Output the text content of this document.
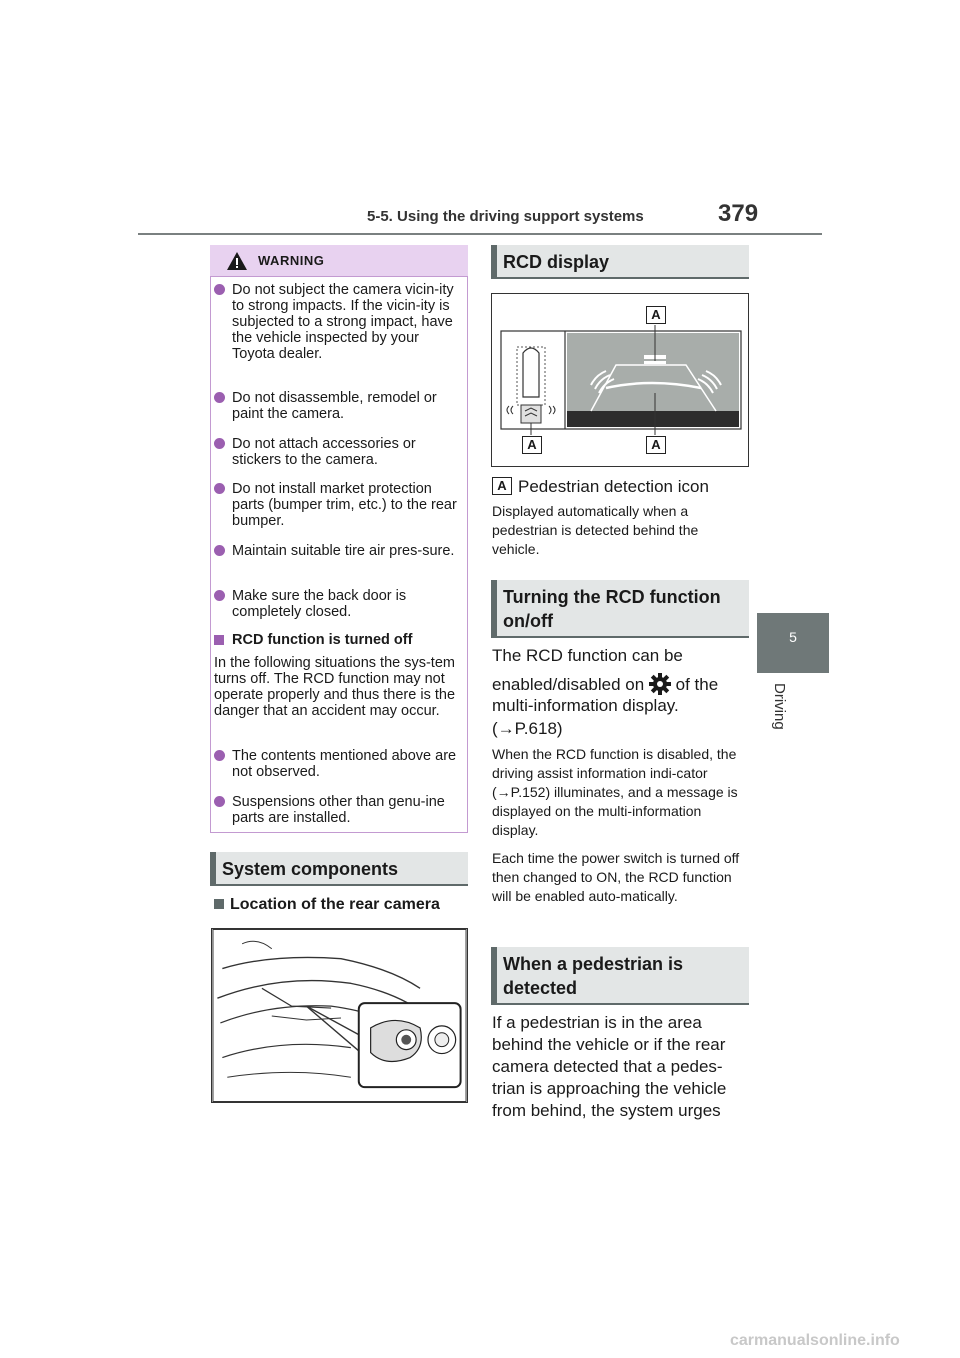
5-5. Using the driving support systems	379
5
Driving
WARNING
Do not subject the camera vicin-ity to strong impacts. If the vicin-ity is subjected to a strong impact, have the vehicle inspected by your Toyota dealer.
Do not disassemble, remodel or paint the camera.
Do not attach accessories or stickers to the camera.
Do not install market protection parts (bumper trim, etc.) to the rear bumper.
Maintain suitable tire air pres-sure.
Make sure the back door is completely closed.
RCD function is turned off
In the following situations the sys-tem turns off. The RCD function may not operate properly and thus there is the danger that an accident may occur.
The contents mentioned above are not observed.
Suspensions other than genu-ine parts are installed.
System components
Location of the rear camera
RCD display
A
A	A
A Pedestrian detection icon
Displayed automatically when a pedestrian is detected behind the vehicle.
Turning the RCD function
on/off
The RCD function can be
enabled/disabled on of the
multi-information display.
(→P.618)
When the RCD function is disabled, the driving assist information indi-cator (→P.152) illuminates, and a message is displayed on the multi-information display.
Each time the power switch is turned off then changed to ON, the RCD function will be enabled auto-matically.
When a pedestrian is
detected
If a pedestrian is in the area
behind the vehicle or if the rear
camera detected that a pedes-
trian is approaching the vehicle
from behind, the system urges
carmanualsonline.info
